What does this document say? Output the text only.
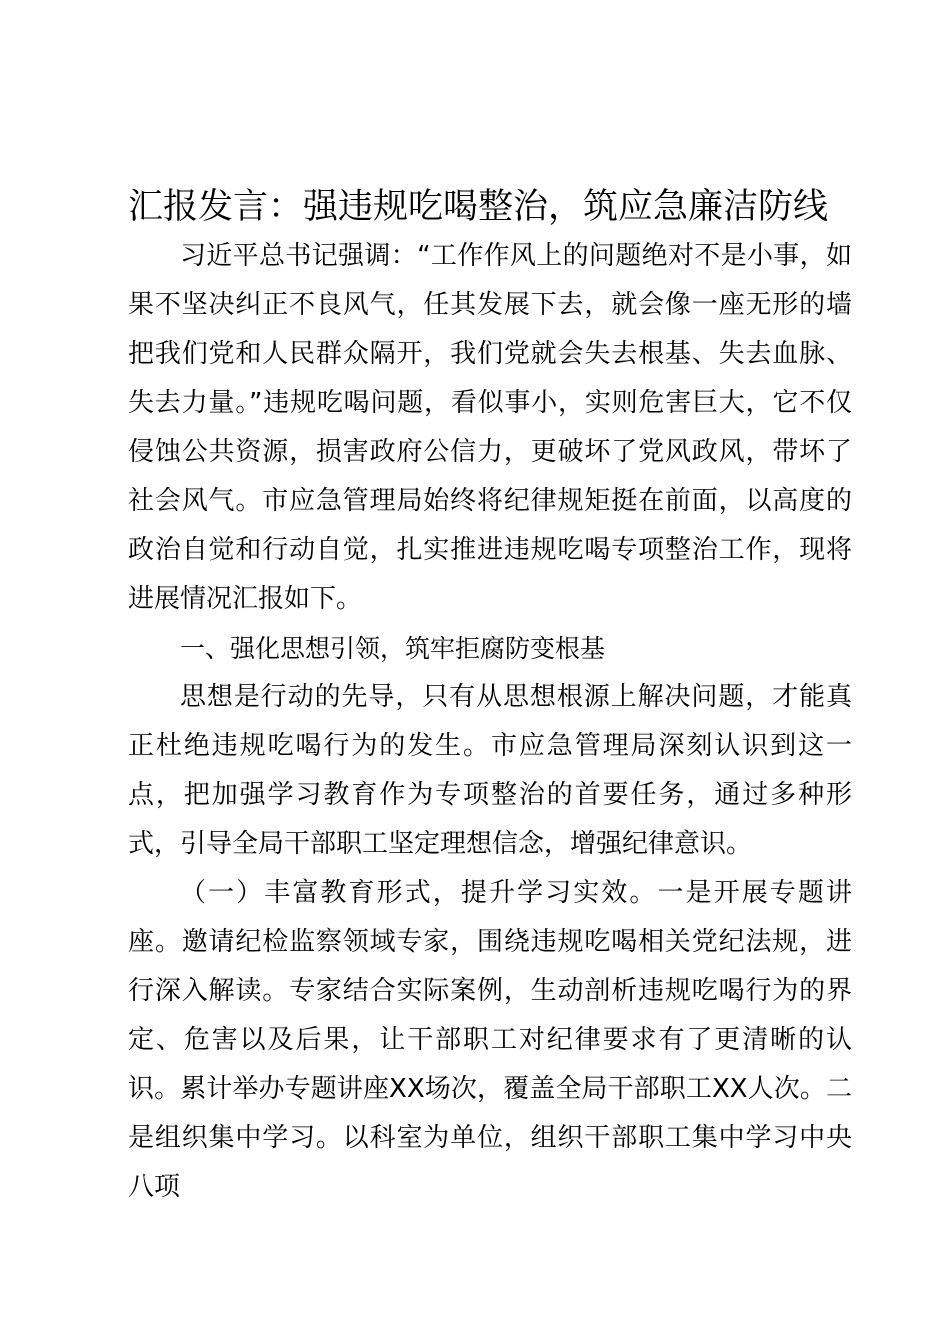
汇报发言：强违规吃喝整治，筑应急廉洁防线

习近平总书记强调：“工作作风上的问题绝对不是小事，如果不坚决纠正不良风气，任其发展下去，就会像一座无形的墙把我们党和人民群众隔开，我们党就会失去根基、失去血脉、失去力量。”违规吃喝问题，看似事小，实则危害巨大，它不仅侵蚀公共资源，损害政府公信力，更破坏了党风政风，带坏了社会风气。市应急管理局始终将纪律规矩挺在前面，以高度的政治自觉和行动自觉，扎实推进违规吃喝专项整治工作，现将进展情况汇报如下。

一、强化思想引领，筑牢拒腐防变根基

思想是行动的先导，只有从思想根源上解决问题，才能真正杜绝违规吃喝行为的发生。市应急管理局深刻认识到这一点，把加强学习教育作为专项整治的首要任务，通过多种形式，引导全局干部职工坚定理想信念，增强纪律意识。

（一）丰富教育形式，提升学习实效。一是开展专题讲座。邀请纪检监察领域专家，围绕违规吃喝相关党纪法规，进行深入解读。专家结合实际案例，生动剖析违规吃喝行为的界定、危害以及后果，让干部职工对纪律要求有了更清晰的认识。累计举办专题讲座XX场次，覆盖全局干部职工XX人次。二是组织集中学习。以科室为单位，组织干部职工集中学习中央八项
